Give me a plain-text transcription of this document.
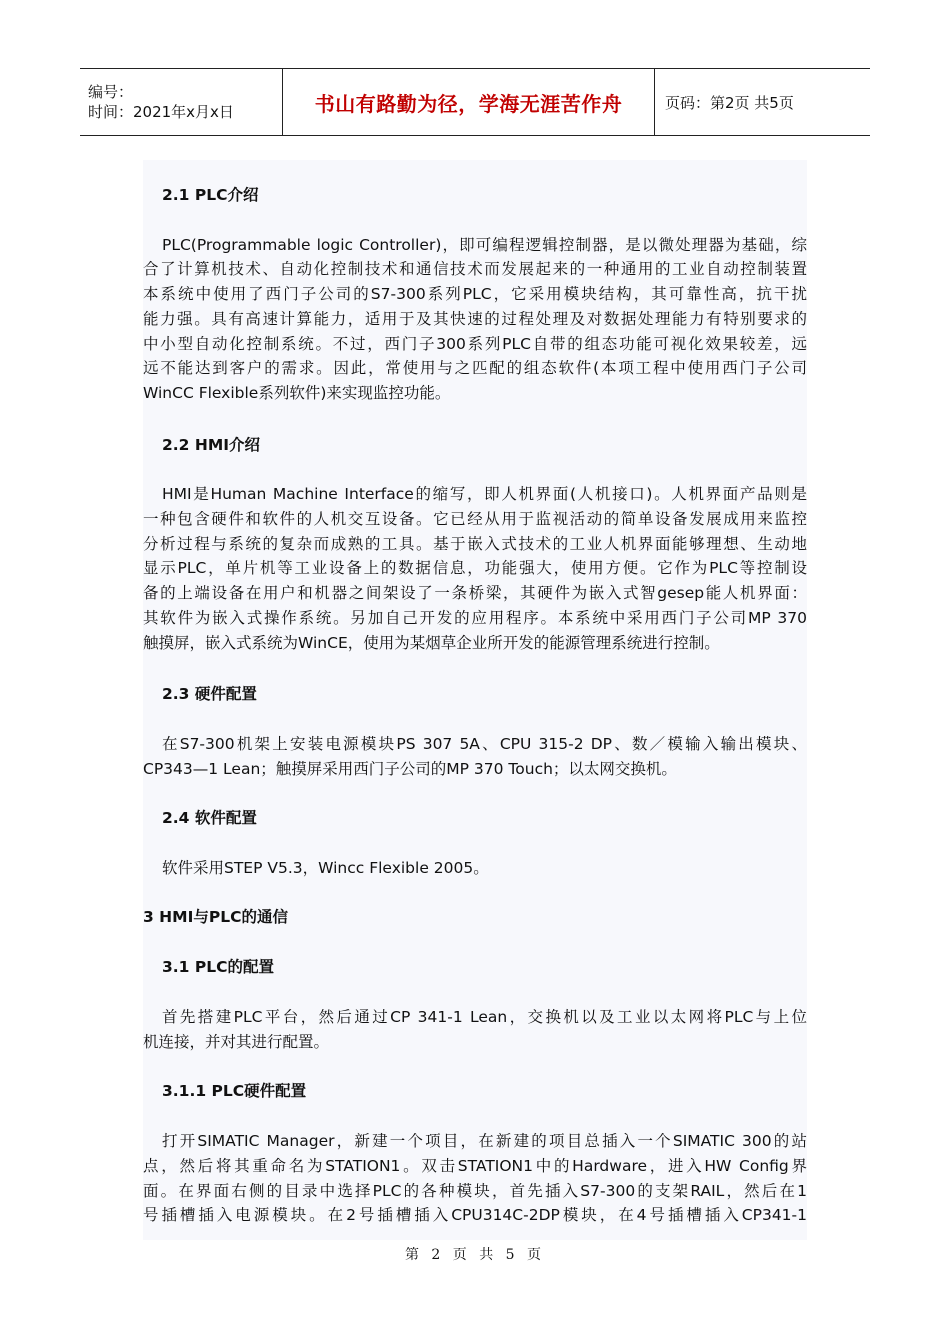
编号：
时间：2021年x月x日	书山有路勤为径，学海无涯苦作舟	页码：第2页 共5页
2.1 PLC介绍
PLC(Programmable logic Controller)，即可编程逻辑控制器，是以微处理器为基础，综
合了计算机技术、自动化控制技术和通信技术而发展起来的一种通用的工业自动控制装置
本系统中使用了西门子公司的S7-300系列PLC，它采用模块结构，其可靠性高，抗干扰
能力强。具有高速计算能力，适用于及其快速的过程处理及对数据处理能力有特别要求的
中小型自动化控制系统。不过，西门子300系列PLC自带的组态功能可视化效果较差，远
远不能达到客户的需求。因此，常使用与之匹配的组态软件(本项工程中使用西门子公司
WinCC Flexible系列软件)来实现监控功能。
2.2 HMI介绍
HMI是Human Machine Interface的缩写，即人机界面(人机接口)。人机界面产品则是
一种包含硬件和软件的人机交互设备。它已经从用于监视活动的简单设备发展成用来监控
分析过程与系统的复杂而成熟的工具。基于嵌入式技术的工业人机界面能够理想、生动地
显示PLC，单片机等工业设备上的数据信息，功能强大，使用方便。它作为PLC等控制设
备的上端设备在用户和机器之间架设了一条桥梁，其硬件为嵌入式智gesep能人机界面：
其软件为嵌入式操作系统。另加自己开发的应用程序。本系统中采用西门子公司MP 370
触摸屏，嵌入式系统为WinCE，使用为某烟草企业所开发的能源管理系统进行控制。
2.3 硬件配置
在S7-300机架上安装电源模块PS 307 5A、CPU 315-2 DP、数／模输入输出模块、
CP343—1 Lean；触摸屏采用西门子公司的MP 370 Touch；以太网交换机。
2.4 软件配置
软件采用STEP V5.3，Wincc Flexible 2005。
3 HMI与PLC的通信
3.1 PLC的配置
首先搭建PLC平台，然后通过CP 341-1 Lean，交换机以及工业以太网将PLC与上位
机连接，并对其进行配置。
3.1.1 PLC硬件配置
打开SIMATIC Manager，新建一个项目，在新建的项目总插入一个SIMATIC 300的站
点，然后将其重命名为STATION1。双击STATION1中的Hardware，进入HW Config界
面。在界面右侧的目录中选择PLC的各种模块，首先插入S7-300的支架RAIL，然后在1
号插槽插入电源模块。在2号插槽插入CPU314C-2DP模块，在4号插槽插入CP341-1
第 2 页 共 5 页
